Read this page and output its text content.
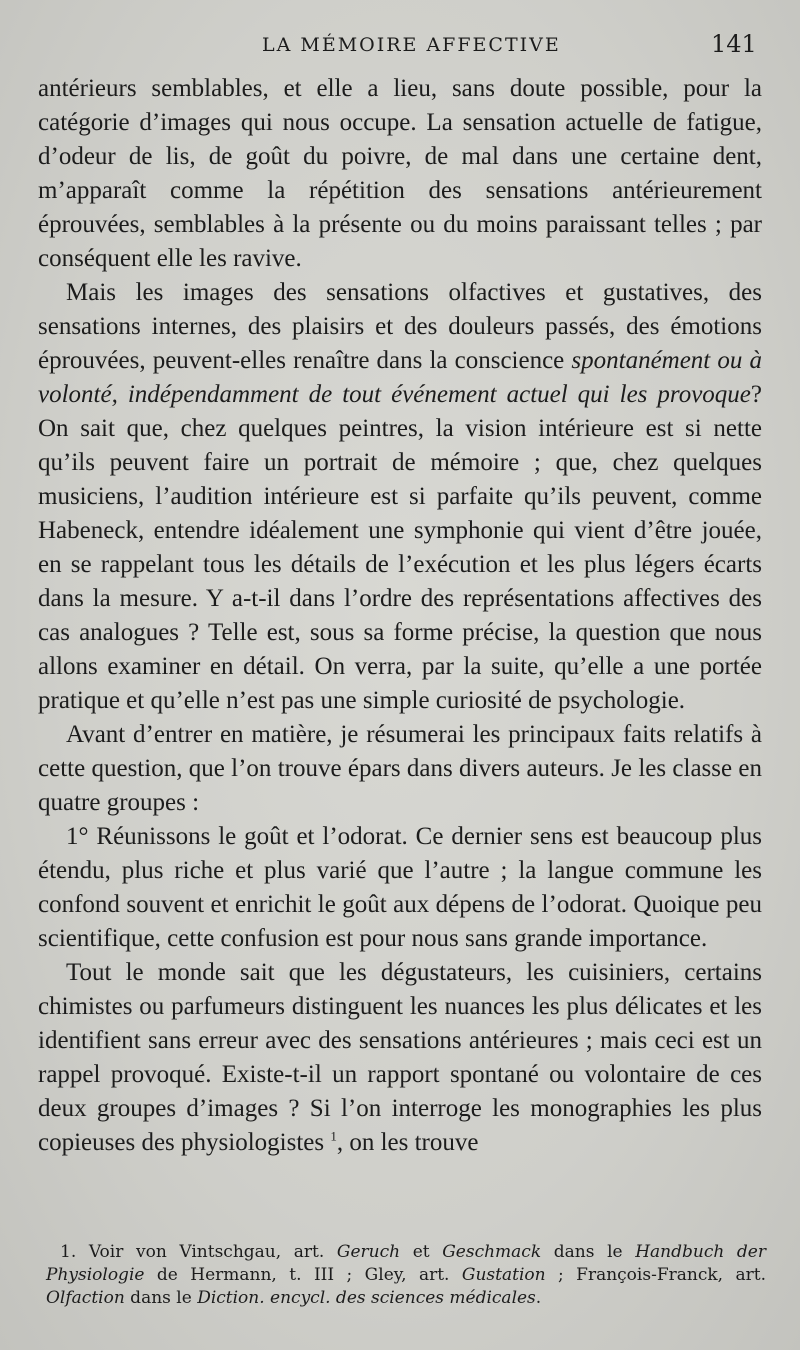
LA MÉMOIRE AFFECTIVE	141

antérieurs semblables, et elle a lieu, sans doute possible, pour la catégorie d’images qui nous occupe. La sensation actuelle de fatigue, d’odeur de lis, de goût du poivre, de mal dans une certaine dent, m’apparaît comme la répétition des sensations antérieurement éprouvées, semblables à la présente ou du moins paraissant telles ; par conséquent elle les ravive.

Mais les images des sensations olfactives et gustatives, des sensations internes, des plaisirs et des douleurs passés, des émotions éprouvées, peuvent-elles renaître dans la conscience spontanément ou à volonté, indépendamment de tout événement actuel qui les provoque? On sait que, chez quelques peintres, la vision intérieure est si nette qu’ils peuvent faire un portrait de mémoire ; que, chez quelques musiciens, l’audition intérieure est si parfaite qu’ils peuvent, comme Habeneck, entendre idéalement une symphonie qui vient d’être jouée, en se rappelant tous les détails de l’exécution et les plus légers écarts dans la mesure. Y a-t-il dans l’ordre des représentations affectives des cas analogues ? Telle est, sous sa forme précise, la question que nous allons examiner en détail. On verra, par la suite, qu’elle a une portée pratique et qu’elle n’est pas une simple curiosité de psychologie.

Avant d’entrer en matière, je résumerai les principaux faits relatifs à cette question, que l’on trouve épars dans divers auteurs. Je les classe en quatre groupes :

1° Réunissons le goût et l’odorat. Ce dernier sens est beaucoup plus étendu, plus riche et plus varié que l’autre ; la langue commune les confond souvent et enrichit le goût aux dépens de l’odorat. Quoique peu scientifique, cette confusion est pour nous sans grande importance.

Tout le monde sait que les dégustateurs, les cuisiniers, certains chimistes ou parfumeurs distinguent les nuances les plus délicates et les identifient sans erreur avec des sensations antérieures ; mais ceci est un rappel provoqué. Existe-t-il un rapport spontané ou volontaire de ces deux groupes d’images ? Si l’on interroge les monographies les plus copieuses des physiologistes $^1$, on les trouve

1. Voir von Vintschgau, art. Geruch et Geschmack dans le Handbuch der Physiologie de Hermann, t. III ; Gley, art. Gustation ; François-Franck, art. Olfaction dans le Diction. encycl. des sciences médicales.
